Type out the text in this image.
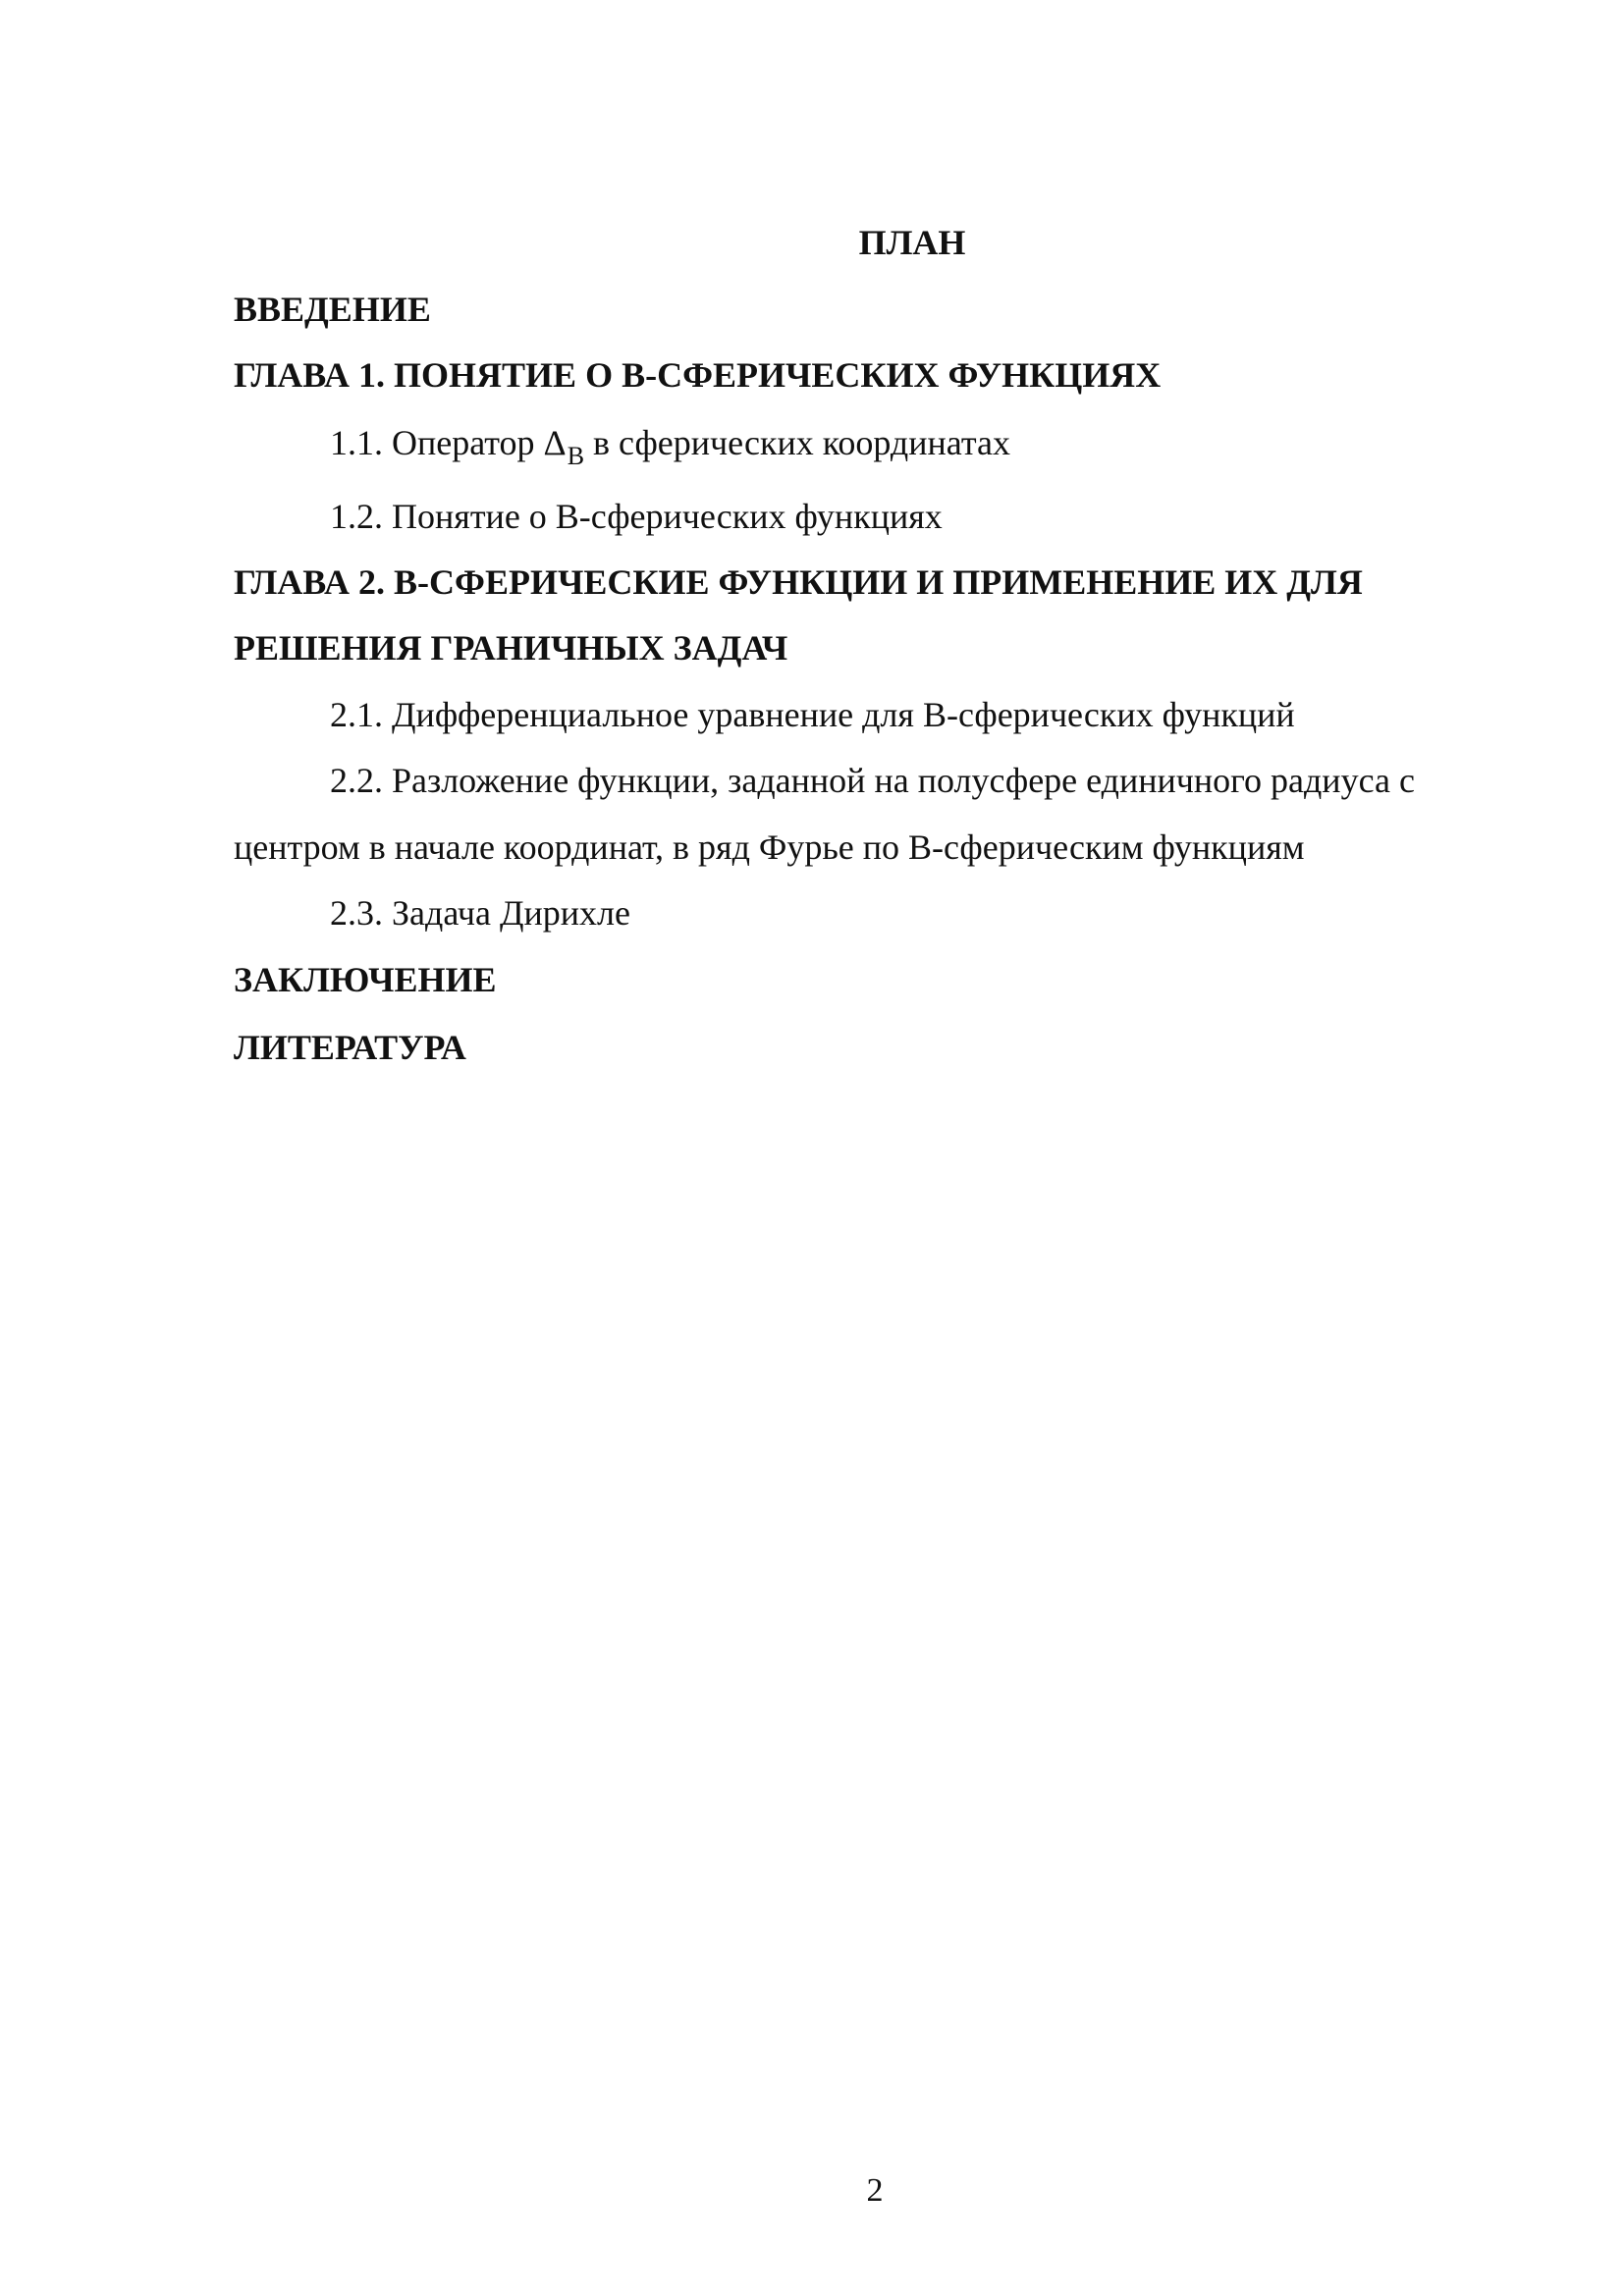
ПЛАН
ВВЕДЕНИЕ
ГЛАВА 1. ПОНЯТИЕ О В-СФЕРИЧЕСКИХ ФУНКЦИЯХ
1.1. Оператор $\Delta_B$ в сферических координатах
1.2. Понятие о В-сферических функциях
ГЛАВА 2. В-СФЕРИЧЕСКИЕ ФУНКЦИИ И ПРИМЕНЕНИЕ ИХ ДЛЯ
РЕШЕНИЯ ГРАНИЧНЫХ ЗАДАЧ
2.1. Дифференциальное уравнение для В-сферических функций
2.2. Разложение функции, заданной на полусфере единичного радиуса с
центром в начале координат, в ряд Фурье по В-сферическим функциям
2.3. Задача Дирихле
ЗАКЛЮЧЕНИЕ
ЛИТЕРАТУРА
2
